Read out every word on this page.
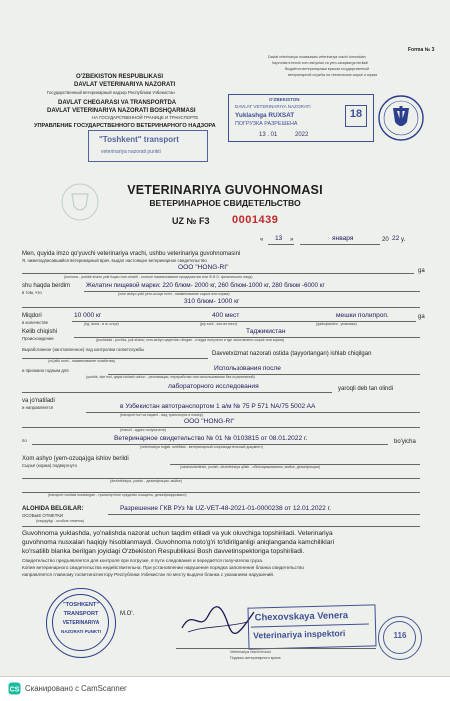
Forma № 3
Davlat veterinariya muassasasi veterinariya vrachi tomonidan
hayvonlarni texnik xom ashyolari va yem-ozuqalarga beriladi
Выдаётся ветеринарным врачом государственной
ветеринарной службы на технические сырьё и корма
O'ZBEKISTON RESPUBLIKASI
DAVLAT VETERINARIYA NAZORATI
Государственный ветеринарный надзор Республики Узбекистан
DAVLAT CHEGARASI VA TRANSPORTDA
DAVLAT VETERINARIYA NAZORATI BOSHQARMASI
НА ГОСУДАРСТВЕННОЙ ГРАНИЦЕ И ТРАНСПОРТЕ
УПРАВЛЕНИЕ ГОСУДАРСТВЕННОГО ВЕТЕРИНАРНОГО НАДЗОРА
"Toshkent" transport
veterinariya nazorati punkti
O'ZBEKISTON
DAVLAT VETERINARIYA NAZORATI
Yuklashga RUXSAT
ПОГРУЗКА РАЗРЕШЕНА
18
13 . 01	2022
VETERINARIYA GUVOHNOMASI
ВЕТЕРИНАРНОЕ СВИДЕТЕЛЬСТВО
UZ № F3 0001439
« 13 »	января	20 22 y.
Men, quyida imzo qo'yuvchi veterinariya vrachi, ushbu veterinariya guvohnomasini
Я, нижеподписавшийся ветеринарный врач, выдал настоящее ветеринарное свидетельство
ООО "HONG-RI"	ga
(korxona - yuridik shaxs yoki fuqaro ism-sharifi - полное наименование предприятия или Ф.И.О. физического лица)
shu haqda berdim
в том, что
Желатин пищевой марки: 220 блюм- 2000 кг, 260 блюм-1000 кг, 280 блюм -6000 кг
(xom ashyo yoki yem-ozuqa nomi - наименование сырья или корма)
310 блюм- 1000 кг
Miqdori
в количестве
10 000 кг	400 мест	мешки полипроп.	ga
(kg, dona - в кг, штук)	(joy soni - кол-во мест)	(qadoqlanishi - упаковка)
Kelib chiqishi
Происхождение
Таджикистан
(pochtada - pochta, yuk shaxs; xom-ashyo qayerdan olingan - откуда получено и где заготовлено сырьё или корма)
Выработанное (заготовленное) под контролем госветслужбы
Davvetxizmat nazorati ostida (tayyorlangan) ishlab chiqilgan
(xo'jalik nomi - наименование хозяйства)
и признано годным для	Использования после
(yuridik, iste'mol, qayta ishlash uchun - реализации, переработки или использования без ограничений)
лабораторного исследования	yaroqli deb tan olindi
va jo'natiladi
и направляется	в Узбекистан автотранспортом 1 а/м № 75 P 571 NA/75 5002 AA
(transport turi va raqami - вид транспорта и номер)
ООО "HONG-RI"
(manzil - адрес получателя)
по	Ветеринарное свидетельство № 01 № 0103815 от 08.01.2022 г.	bo'yicha
(veterinariya hujjati, sertifikat - ветеринарный сопроводительный документ)
Xom ashyo (yem-ozuqa)ga ishlov berildi
Сырьё (корма) подвергнуто	(zararsizlantirish, yuvish, dezinfeksiya qilish - обеззараживанию, мойке, дезинфекции)
(dezinfeksiya, yuvish - дезинфекции, мойке)
(transport vositasi tozalangan - транспортное средство очищено, дезинфицировано)
ALOHIDA BELGILAR:
ОСОБЫЕ ОТМЕТКИ
Разрешение ГКВ РУз № UZ-VET-48-2021-01-0000238 от 12.01.2022 г.
(haqiqiyligi - особые отметки)
Guvohnoma yuklashda, yo'nalishda nazorat uchun taqdim etiladi va yuk oluvchiga topshiriladi. Veterinariya
guvohnoma nusxalari haqiqiy hisoblanmaydi. Guvohnoma noto'g'ri to'ldirilganligi aniqlanganda kamchiliklari
ko'rsatilib blanka berilgan joyidagi O'zbekiston Respublikasi Bosh davvetinspektoriga topshiriladi.
Свидетельство предъявляется для контроля при погрузке, в пути следования и передаётся получателю груза.
Копия ветеринарного свидетельства недействительна. При установлении нарушения порядка заполнения бланка свидетельство
направляется главному госветинспектору Республики Узбекистан по месту выдачи бланка с указанием нарушений.
"TOSHKENT"
TRANSPORT
VETERINARIYA
NAZORATI PUNKTI
M.O'.	Chexovskaya Venera
Veterinariya inspektori	116
Veterinariya vrachi imzosi
Подпись ветеринарного врача
CS Сканировано с CamScanner
